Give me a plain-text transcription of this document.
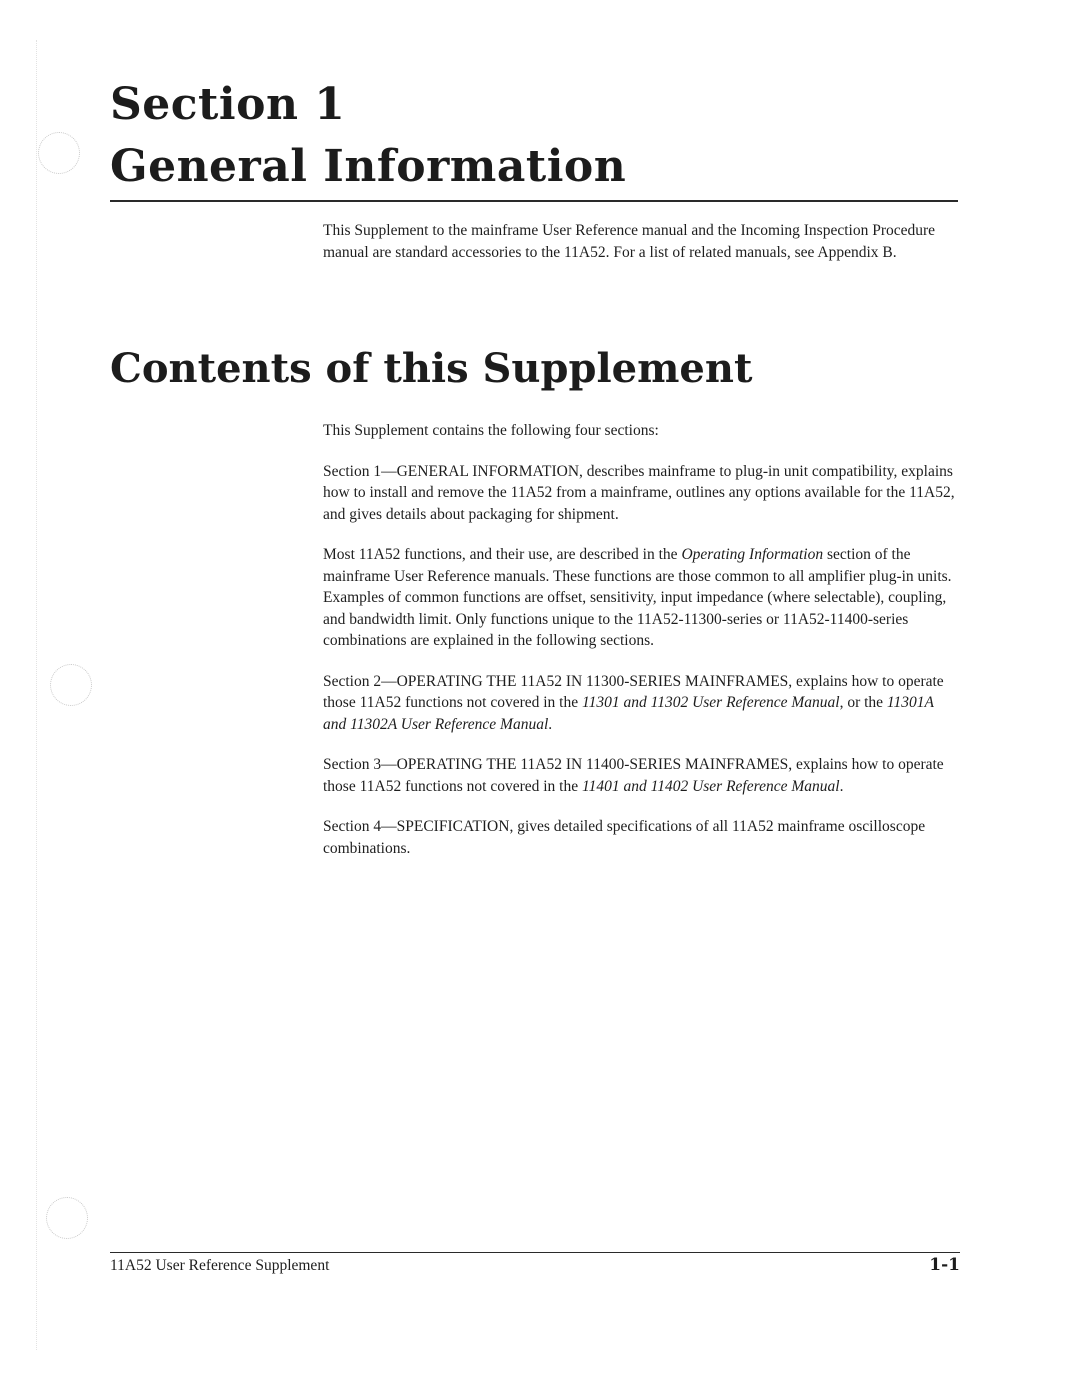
Section 1
General Information

This Supplement to the mainframe User Reference manual and the Incoming Inspection Procedure manual are standard accessories to the 11A52. For a list of related manuals, see Appendix B.

Contents of this Supplement

This Supplement contains the following four sections:

Section 1—GENERAL INFORMATION, describes mainframe to plug-in unit compatibility, explains how to install and remove the 11A52 from a mainframe, outlines any options available for the 11A52, and gives details about packaging for shipment.

Most 11A52 functions, and their use, are described in the Operating Information section of the mainframe User Reference manuals. These functions are those common to all amplifier plug-in units. Examples of common functions are offset, sensitivity, input impedance (where selectable), coupling, and bandwidth limit. Only functions unique to the 11A52-11300-series or 11A52-11400-series combinations are explained in the following sections.

Section 2—OPERATING THE 11A52 IN 11300-SERIES MAINFRAMES, explains how to operate those 11A52 functions not covered in the 11301 and 11302 User Reference Manual, or the 11301A and 11302A User Reference Manual.

Section 3—OPERATING THE 11A52 IN 11400-SERIES MAINFRAMES, explains how to operate those 11A52 functions not covered in the 11401 and 11402 User Reference Manual.

Section 4—SPECIFICATION, gives detailed specifications of all 11A52 mainframe oscilloscope combinations.

11A52 User Reference Supplement	1-1
